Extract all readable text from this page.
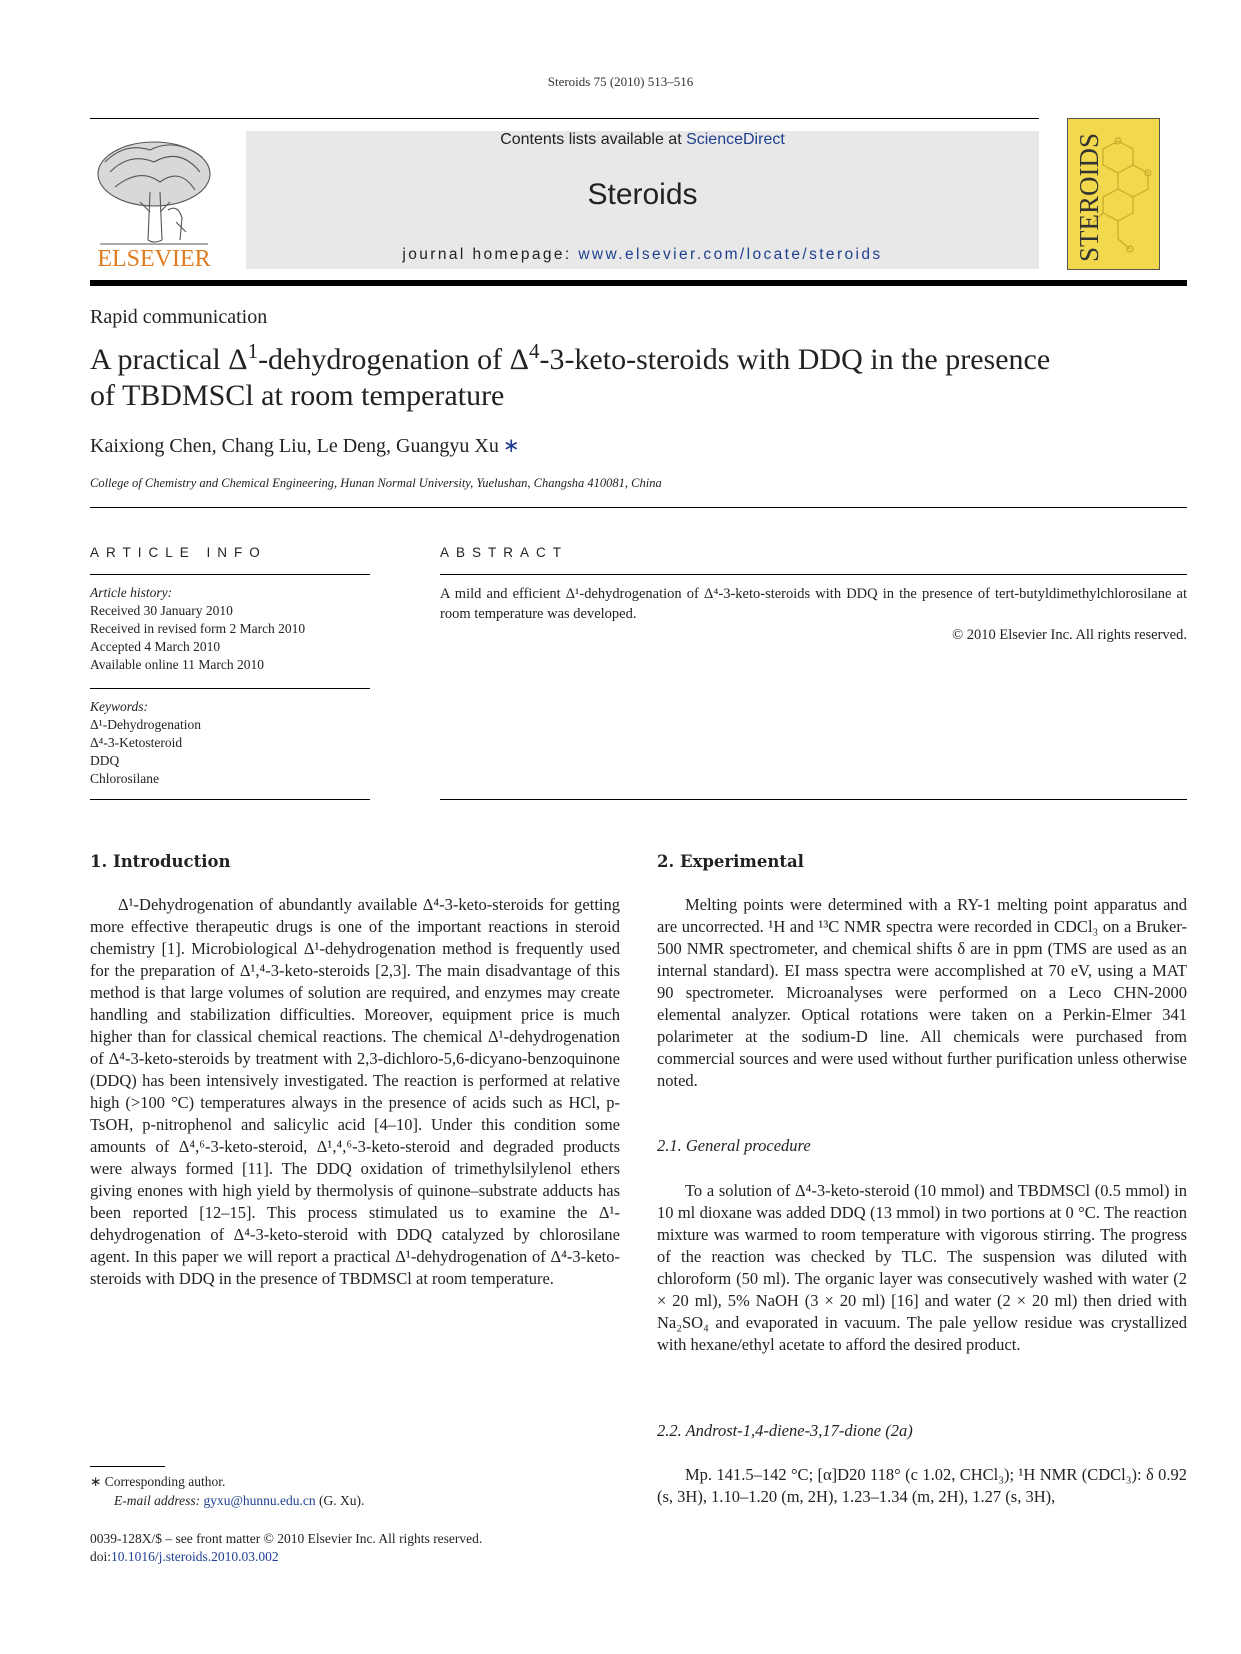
Steroids 75 (2010) 513–516
Contents lists available at ScienceDirect
Steroids
journal homepage: www.elsevier.com/locate/steroids
ELSEVIER	STEROIDS
Rapid communication
A practical $\Delta^1$-dehydrogenation of $\Delta^4-3-keto$-steroids with DDQ in the presence
of TBDMSCl at room temperature
Kaixiong Chen, Chang Liu, Le Deng, Guangyu Xu ∗
College of Chemistry and Chemical Engineering, Hunan Normal University, Yuelushan, Changsha 410081, China
ARTICLE INFO	ABSTRACT
Article history:
Received 30 January 2010
Received in revised form 2 March 2010
Accepted 4 March 2010
Available online 11 March 2010
Keywords:
Δ¹-Dehydrogenation
Δ⁴-3-Ketosteroid
DDQ
Chlorosilane
A mild and efficient Δ¹-dehydrogenation of Δ⁴-3-keto-steroids with DDQ in the presence of tert-butyldimethylchlorosilane at room temperature was developed.
© 2010 Elsevier Inc. All rights reserved.
1. Introduction

Δ¹-Dehydrogenation of abundantly available Δ⁴-3-keto-steroids for getting more effective therapeutic drugs is one of the important reactions in steroid chemistry [1]. Microbiological Δ¹-dehydrogenation method is frequently used for the preparation of Δ¹,⁴-3-keto-steroids [2,3]. The main disadvantage of this method is that large volumes of solution are required, and enzymes may create handling and stabilization difficulties. Moreover, equipment price is much higher than for classical chemical reactions. The chemical Δ¹-dehydrogenation of Δ⁴-3-keto-steroids by treatment with 2,3-dichloro-5,6-dicyano-benzoquinone (DDQ) has been intensively investigated. The reaction is performed at relative high (>100 °C) temperatures always in the presence of acids such as HCl, p-TsOH, p-nitrophenol and salicylic acid [4–10]. Under this condition some amounts of Δ⁴,⁶-3-keto-steroid, Δ¹,⁴,⁶-3-keto-steroid and degraded products were always formed [11]. The DDQ oxidation of trimethylsilylenol ethers giving enones with high yield by thermolysis of quinone–substrate adducts has been reported [12–15]. This process stimulated us to examine the Δ¹-dehydrogenation of Δ⁴-3-keto-steroid with DDQ catalyzed by chlorosilane agent. In this paper we will report a practical Δ¹-dehydrogenation of Δ⁴-3-keto-steroids with DDQ in the presence of TBDMSCl at room temperature.

2. Experimental

Melting points were determined with a RY-1 melting point apparatus and are uncorrected. ¹H and ¹³C NMR spectra were recorded in CDCl₃ on a Bruker-500 NMR spectrometer, and chemical shifts δ are in ppm (TMS are used as an internal standard). EI mass spectra were accomplished at 70 eV, using a MAT 90 spectrometer. Microanalyses were performed on a Leco CHN-2000 elemental analyzer. Optical rotations were taken on a Perkin-Elmer 341 polarimeter at the sodium-D line. All chemicals were purchased from commercial sources and were used without further purification unless otherwise noted.

2.1. General procedure

To a solution of Δ⁴-3-keto-steroid (10 mmol) and TBDMSCl (0.5 mmol) in 10 ml dioxane was added DDQ (13 mmol) in two portions at 0 °C. The reaction mixture was warmed to room temperature with vigorous stirring. The progress of the reaction was checked by TLC. The suspension was diluted with chloroform (50 ml). The organic layer was consecutively washed with water (2 × 20 ml), 5% NaOH (3 × 20 ml) [16] and water (2 × 20 ml) then dried with Na₂SO₄ and evaporated in vacuum. The pale yellow residue was crystallized with hexane/ethyl acetate to afford the desired product.

2.2. Androst-1,4-diene-3,17-dione (2a)

Mp. 141.5–142 °C; [α]D20 118° (c 1.02, CHCl₃); ¹H NMR (CDCl₃): δ 0.92 (s, 3H), 1.10–1.20 (m, 2H), 1.23–1.34 (m, 2H), 1.27 (s, 3H),

∗ Corresponding author.
E-mail address: gyxu@hunnu.edu.cn (G. Xu).
0039-128X/$ – see front matter © 2010 Elsevier Inc. All rights reserved.
doi:10.1016/j.steroids.2010.03.002
